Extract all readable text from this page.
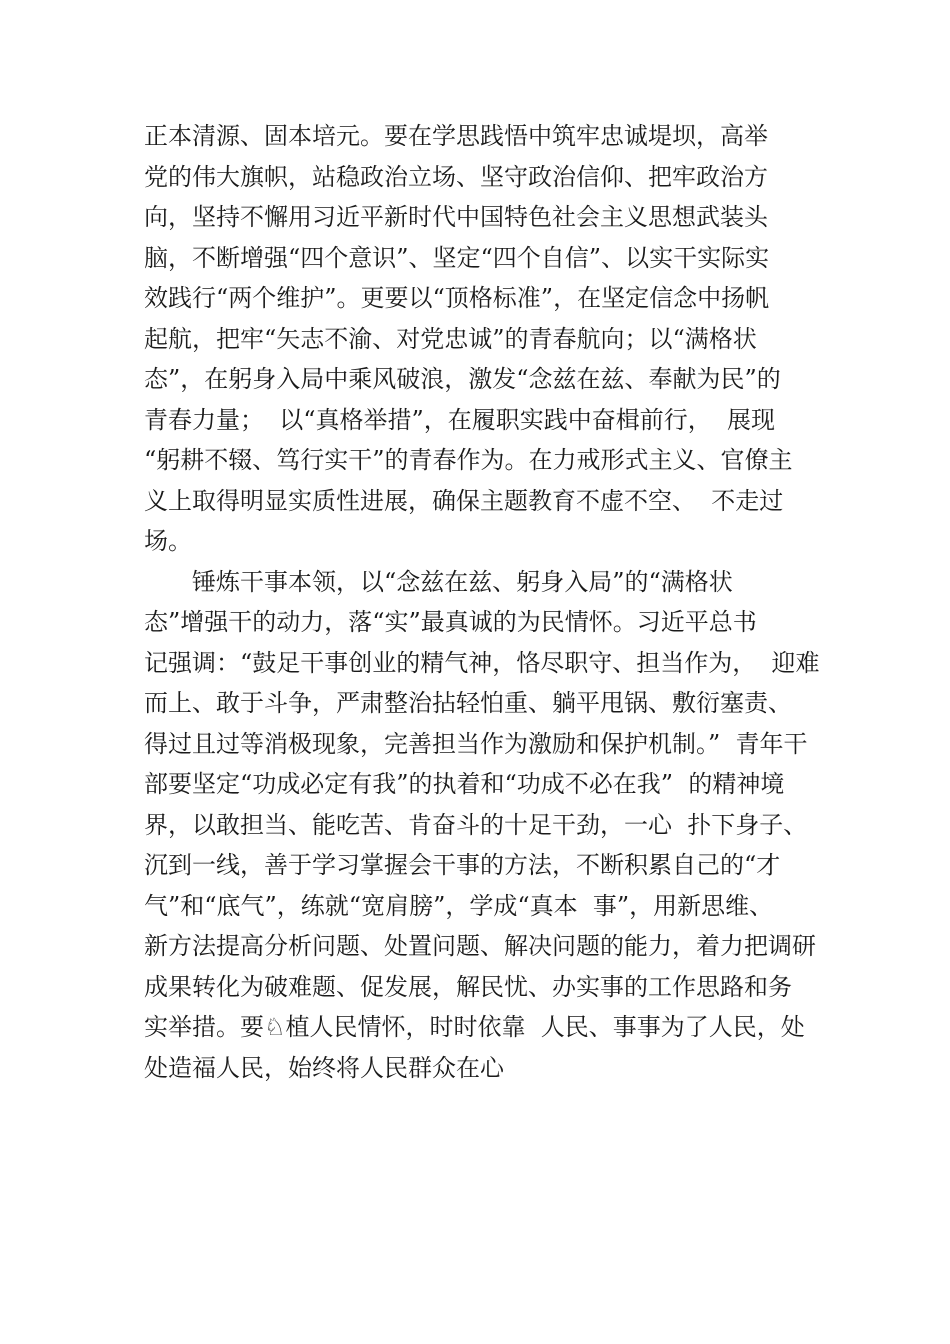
正本清源、固本培元。要在学思践悟中筑牢忠诚堤坝，高举
党的伟大旗帜，站稳政治立场、坚守政治信仰、把牢政治方
向，坚持不懈用习近平新时代中国特色社会主义思想武装头
脑，不断增强“四个意识”、坚定“四个自信”、以实干实际实
效践行“两个维护”。更要以“顶格标准”，在坚定信念中扬帆
起航，把牢“矢志不渝、对党忠诚”的青春航向；以“满格状
态”，在躬身入局中乘风破浪，激发“念兹在兹、奉献为民”的
青春力量；  以“真格举措”，在履职实践中奋楫前行，  展现
“躬耕不辍、笃行实干”的青春作为。在力戒形式主义、官僚主
义上取得明显实质性进展，确保主题教育不虚不空、  不走过
场。
锤炼干事本领，以“念兹在兹、躬身入局”的“满格状
态”增强干的动力，落“实”最真诚的为民情怀。习近平总书
记强调：“鼓足干事创业的精气神，恪尽职守、担当作为，  迎难
而上、敢于斗争，严肃整治拈轻怕重、躺平甩锅、敷衍塞责、
得过且过等消极现象，完善担当作为激励和保护机制。”  青年干
部要坚定“功成必定有我”的执着和“功成不必在我”  的精神境
界，以敢担当、能吃苦、肯奋斗的十足干劲，一心  扑下身子、
沉到一线，善于学习掌握会干事的方法，不断积累自己的“才
气”和“底气”，练就“宽肩膀”，学成“真本  事”，用新思维、
新方法提高分析问题、处置问题、解决问题的能力，着力把调研
成果转化为破难题、促发展，解民忧、办实事的工作思路和务
实举措。要♘植人民情怀，时时依靠  人民、事事为了人民，处
处造福人民，始终将人民群众在心
